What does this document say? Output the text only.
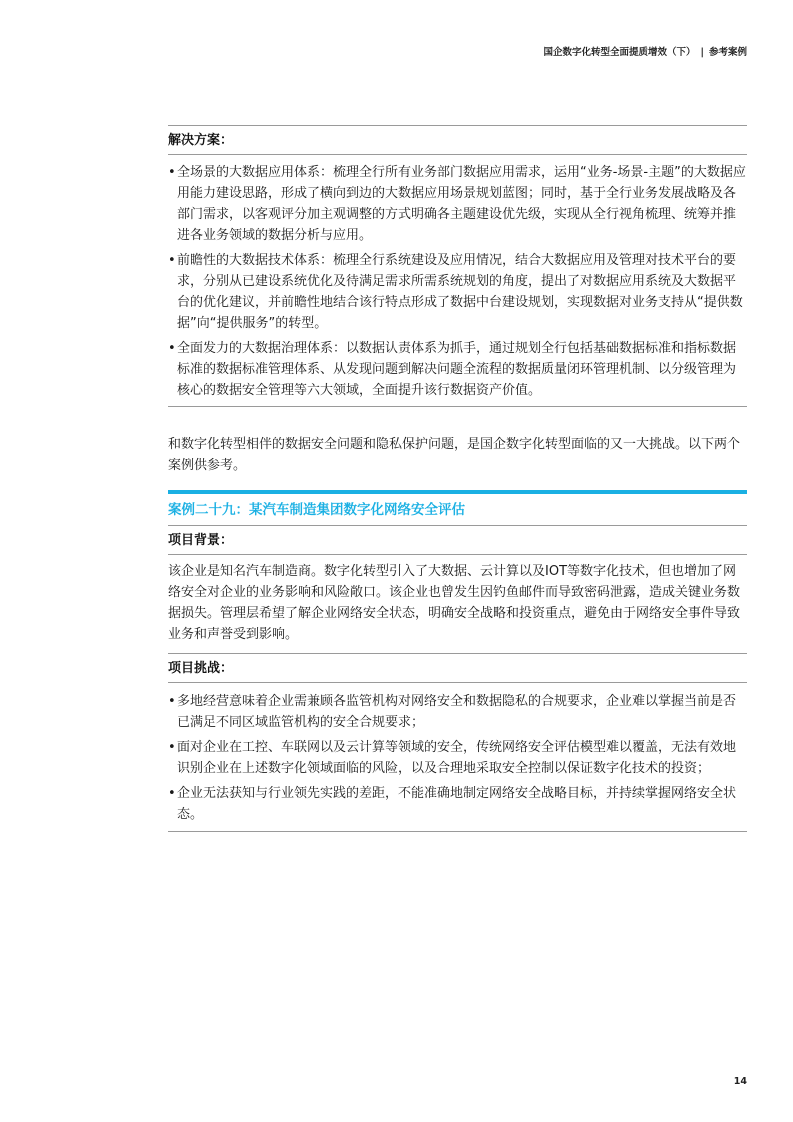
国企数字化转型全面提质增效（下） | 参考案例
解决方案：
• 全场景的大数据应用体系：梳理全行所有业务部门数据应用需求，运用“业务-场景-主题”的大数据应用能力建设思路，形成了横向到边的大数据应用场景规划蓝图；同时，基于全行业务发展战略及各部门需求，以客观评分加主观调整的方式明确各主题建设优先级，实现从全行视角梳理、统筹并推进各业务领域的数据分析与应用。
• 前瞻性的大数据技术体系：梳理全行系统建设及应用情况，结合大数据应用及管理对技术平台的要求，分别从已建设系统优化及待满足需求所需系统规划的角度，提出了对数据应用系统及大数据平台的优化建议，并前瞻性地结合该行特点形成了数据中台建设规划，实现数据对业务支持从“提供数据”向“提供服务”的转型。
• 全面发力的大数据治理体系：以数据认责体系为抓手，通过规划全行包括基础数据标准和指标数据标准的数据标准管理体系、从发现问题到解决问题全流程的数据质量闭环管理机制、以分级管理为核心的数据安全管理等六大领域，全面提升该行数据资产价值。
和数字化转型相伴的数据安全问题和隐私保护问题，是国企数字化转型面临的又一大挑战。以下两个案例供参考。
案例二十九：某汽车制造集团数字化网络安全评估
项目背景：
该企业是知名汽车制造商。数字化转型引入了大数据、云计算以及IOT等数字化技术，但也增加了网络安全对企业的业务影响和风险敞口。该企业也曾发生因钓鱼邮件而导致密码泄露，造成关键业务数据损失。管理层希望了解企业网络安全状态，明确安全战略和投资重点，避免由于网络安全事件导致业务和声誉受到影响。
项目挑战：
• 多地经营意味着企业需兼顾各监管机构对网络安全和数据隐私的合规要求，企业难以掌握当前是否已满足不同区域监管机构的安全合规要求；
• 面对企业在工控、车联网以及云计算等领域的安全，传统网络安全评估模型难以覆盖，无法有效地识别企业在上述数字化领域面临的风险，以及合理地采取安全控制以保证数字化技术的投资；
• 企业无法获知与行业领先实践的差距，不能准确地制定网络安全战略目标，并持续掌握网络安全状态。
14
